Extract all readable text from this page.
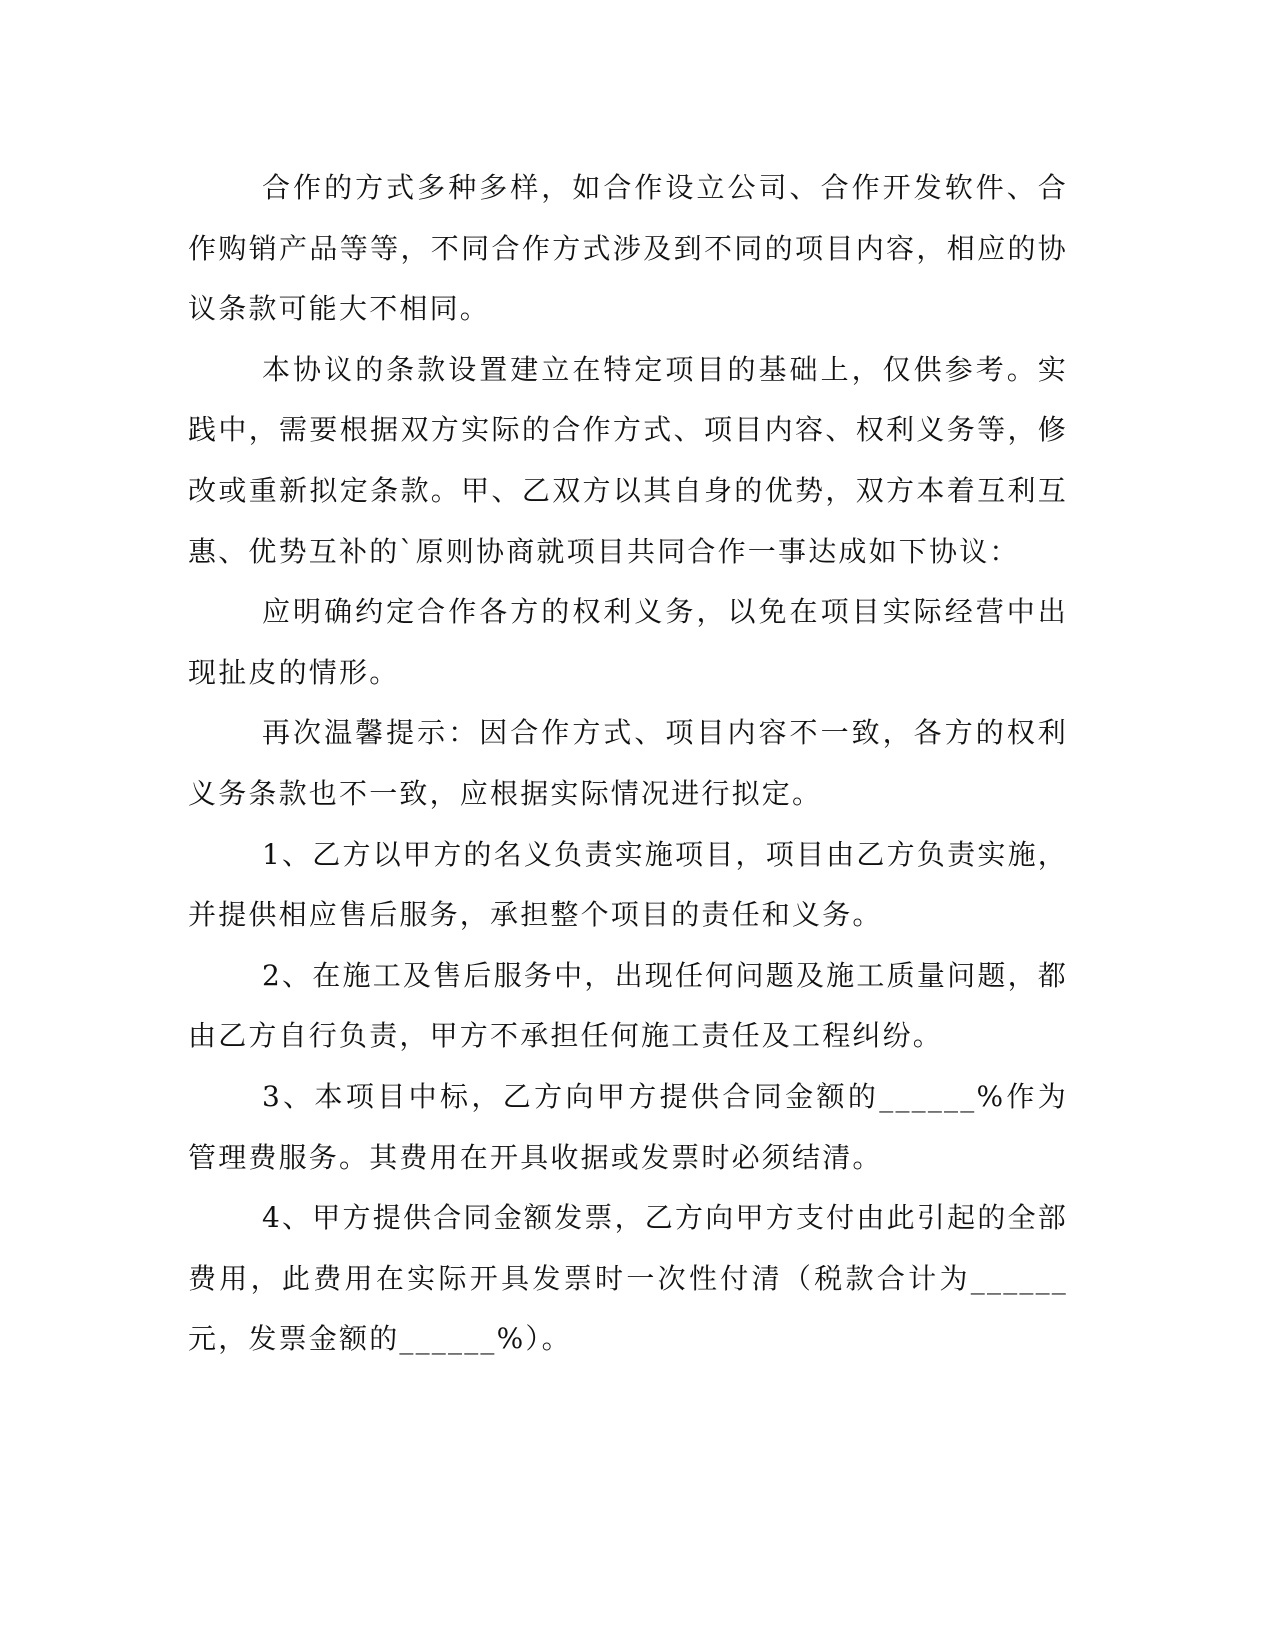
合作的方式多种多样，如合作设立公司、合作开发软件、合作购销产品等等，不同合作方式涉及到不同的项目内容，相应的协议条款可能大不相同。

本协议的条款设置建立在特定项目的基础上，仅供参考。实践中，需要根据双方实际的合作方式、项目内容、权利义务等，修改或重新拟定条款。甲、乙双方以其自身的优势，双方本着互利互惠、优势互补的`原则协商就项目共同合作一事达成如下协议：

应明确约定合作各方的权利义务，以免在项目实际经营中出现扯皮的情形。

再次温馨提示：因合作方式、项目内容不一致，各方的权利义务条款也不一致，应根据实际情况进行拟定。

1、乙方以甲方的名义负责实施项目，项目由乙方负责实施，并提供相应售后服务，承担整个项目的责任和义务。

2、在施工及售后服务中，出现任何问题及施工质量问题，都由乙方自行负责，甲方不承担任何施工责任及工程纠纷。

3、本项目中标，乙方向甲方提供合同金额的______%作为管理费服务。其费用在开具收据或发票时必须结清。

4、甲方提供合同金额发票，乙方向甲方支付由此引起的全部费用，此费用在实际开具发票时一次性付清（税款合计为______元，发票金额的______%）。
